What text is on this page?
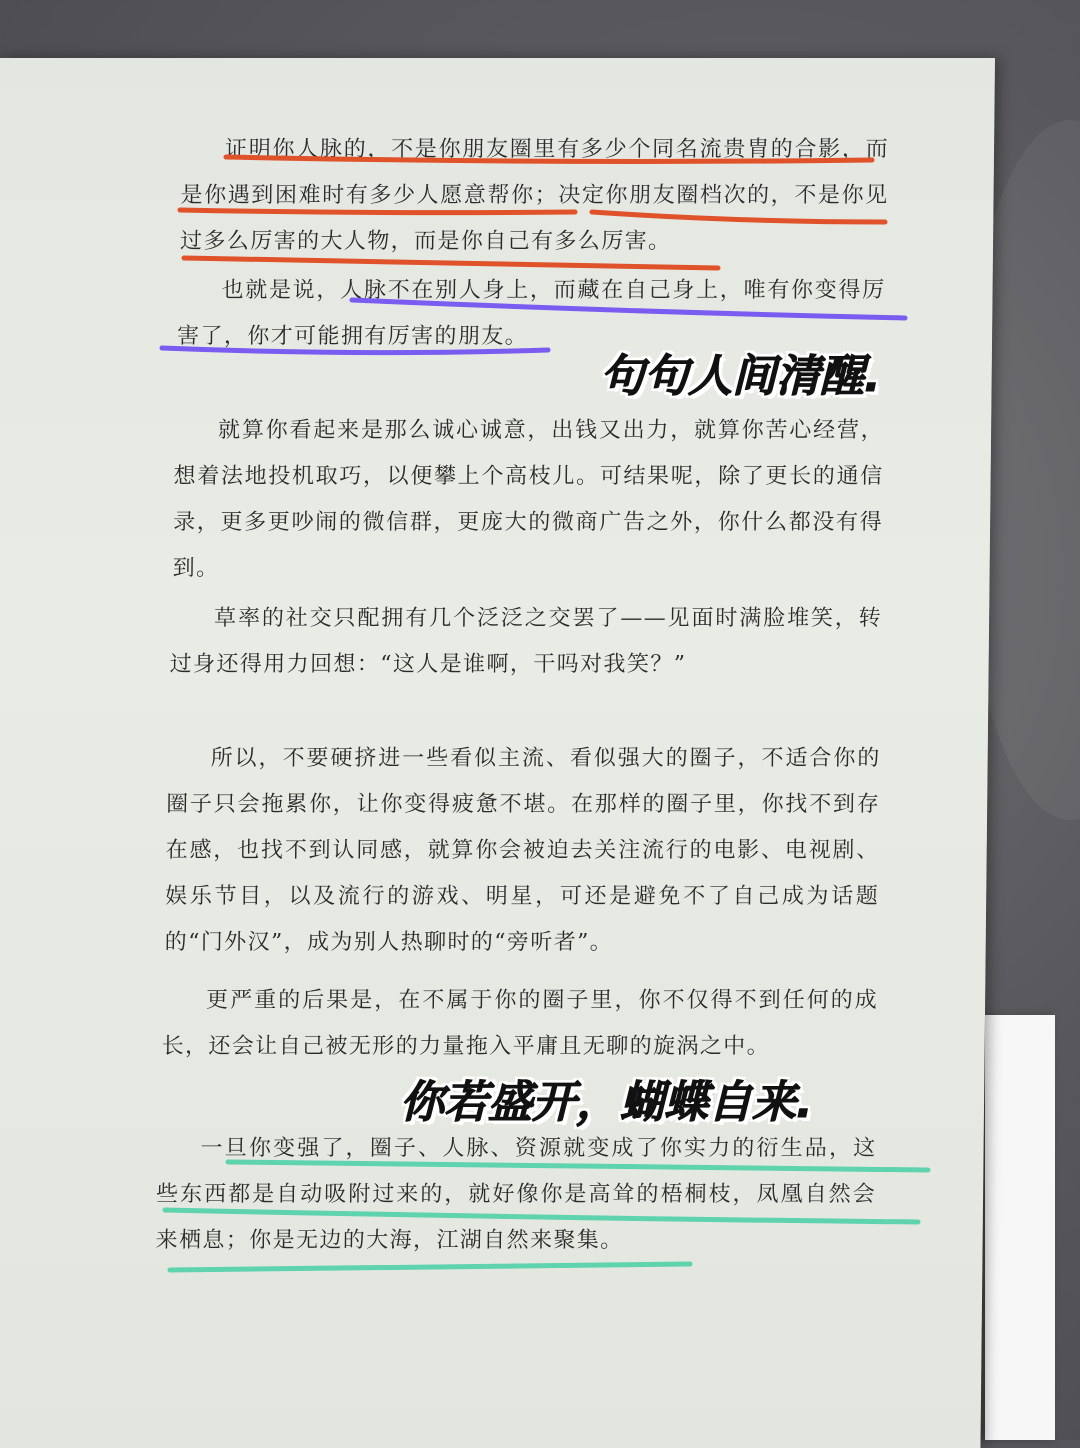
证明你人脉的，不是你朋友圈里有多少个同名流贵胄的合影，而是你遇到困难时有多少人愿意帮你；决定你朋友圈档次的，不是你见过多么厉害的大人物，而是你自己有多么厉害。

也就是说，人脉不在别人身上，而藏在自己身上，唯有你变得厉害了，你才可能拥有厉害的朋友。

就算你看起来是那么诚心诚意，出钱又出力，就算你苦心经营，想着法地投机取巧，以便攀上个高枝儿。可结果呢，除了更长的通信录，更多更吵闹的微信群，更庞大的微商广告之外，你什么都没有得到。

草率的社交只配拥有几个泛泛之交罢了——见面时满脸堆笑，转过身还得用力回想：“这人是谁啊，干吗对我笑？”

所以，不要硬挤进一些看似主流、看似强大的圈子，不适合你的圈子只会拖累你，让你变得疲惫不堪。在那样的圈子里，你找不到存在感，也找不到认同感，就算你会被迫去关注流行的电影、电视剧、娱乐节目，以及流行的游戏、明星，可还是避免不了自己成为话题的“门外汉”，成为别人热聊时的“旁听者”。

更严重的后果是，在不属于你的圈子里，你不仅得不到任何的成长，还会让自己被无形的力量拖入平庸且无聊的旋涡之中。

一旦你变强了，圈子、人脉、资源就变成了你实力的衍生品，这些东西都是自动吸附过来的，就好像你是高耸的梧桐枝，凤凰自然会来栖息；你是无边的大海，江湖自然来聚集。

句句人间清醒.
你若盛开，蝴蝶自来.
